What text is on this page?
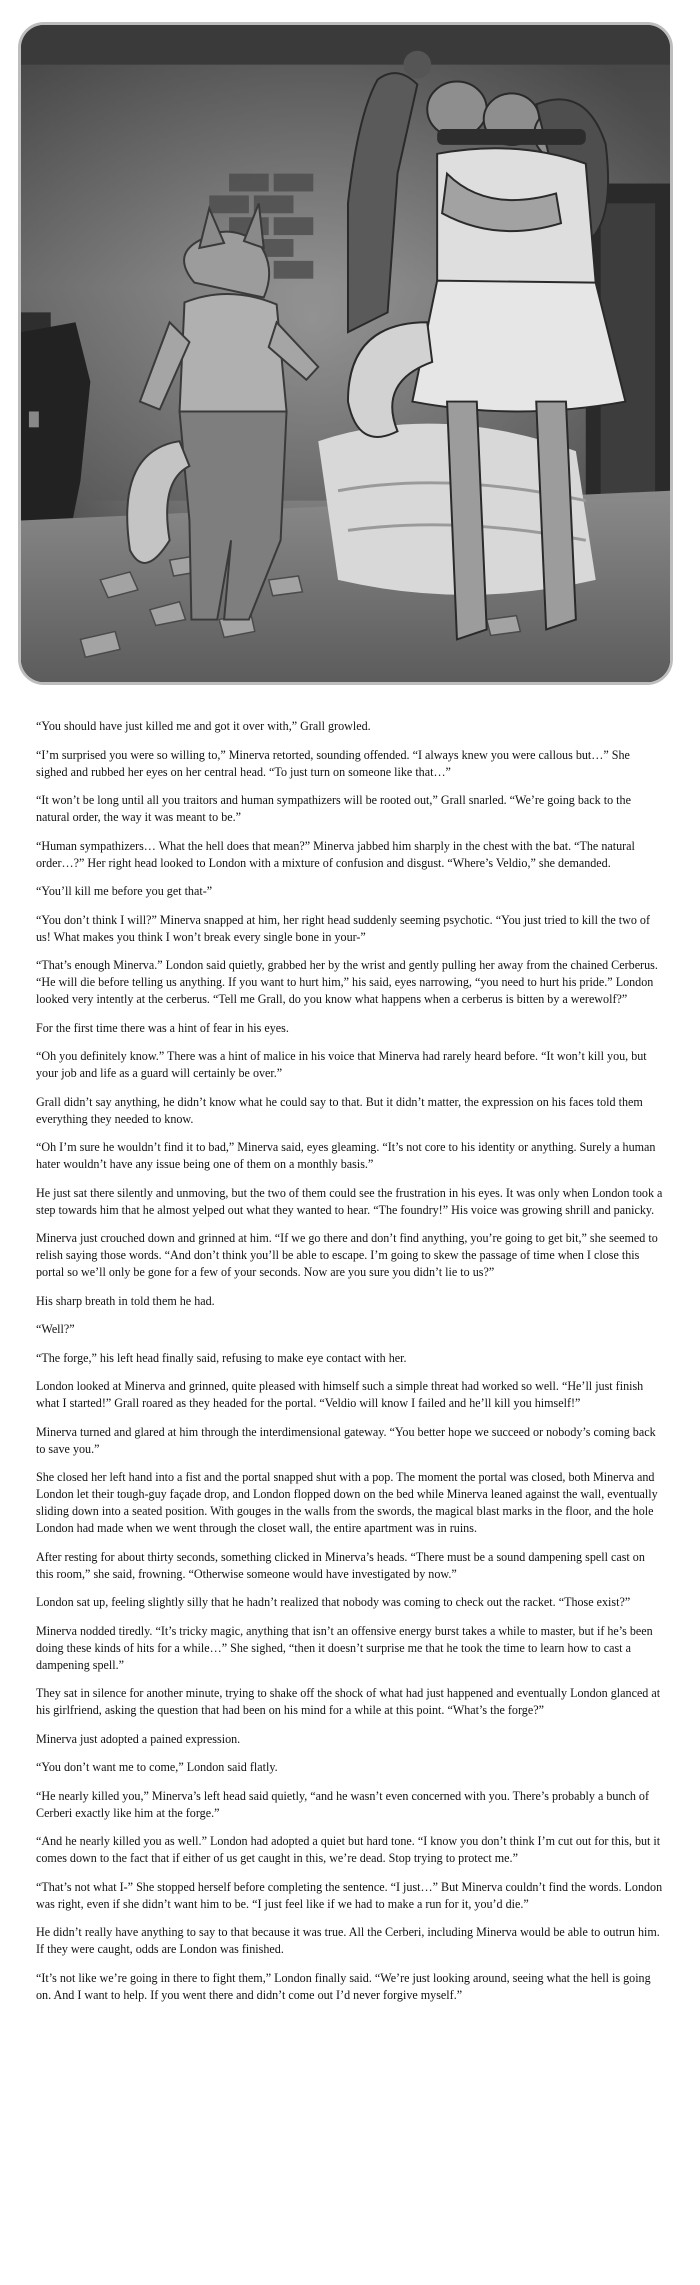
“You should have just killed me and got it over with,” Grall growled.

“I’m surprised you were so willing to,” Minerva retorted, sounding offended. “I always knew you were callous but…” She sighed and rubbed her eyes on her central head. “To just turn on someone like that…”

“It won’t be long until all you traitors and human sympathizers will be rooted out,” Grall snarled. “We’re going back to the natural order, the way it was meant to be.”

“Human sympathizers… What the hell does that mean?” Minerva jabbed him sharply in the chest with the bat. “The natural order…?” Her right head looked to London with a mixture of confusion and disgust. “Where’s Veldio,” she demanded.

“You’ll kill me before you get that-”

“You don’t think I will?” Minerva snapped at him, her right head suddenly seeming psychotic. “You just tried to kill the two of us! What makes you think I won’t break every single bone in your-”

“That’s enough Minerva.” London said quietly, grabbed her by the wrist and gently pulling her away from the chained Cerberus. “He will die before telling us anything. If you want to hurt him,” his said, eyes narrowing, “you need to hurt his pride.” London looked very intently at the cerberus. “Tell me Grall, do you know what happens when a cerberus is bitten by a werewolf?”

For the first time there was a hint of fear in his eyes.

“Oh you definitely know.” There was a hint of malice in his voice that Minerva had rarely heard before. “It won’t kill you, but your job and life as a guard will certainly be over.”

Grall didn’t say anything, he didn’t know what he could say to that. But it didn’t matter, the expression on his faces told them everything they needed to know.

“Oh I’m sure he wouldn’t find it to bad,” Minerva said, eyes gleaming. “It’s not core to his identity or anything. Surely a human hater wouldn’t have any issue being one of them on a monthly basis.”

He just sat there silently and unmoving, but the two of them could see the frustration in his eyes. It was only when London took a step towards him that he almost yelped out what they wanted to hear. “The foundry!” His voice was growing shrill and panicky.

Minerva just crouched down and grinned at him. “If we go there and don’t find anything, you’re going to get bit,” she seemed to relish saying those words. “And don’t think you’ll be able to escape. I’m going to skew the passage of time when I close this portal so we’ll only be gone for a few of your seconds. Now are you sure you didn’t lie to us?”

His sharp breath in told them he had.

“Well?”

“The forge,” his left head finally said, refusing to make eye contact with her.

London looked at Minerva and grinned, quite pleased with himself such a simple threat had worked so well. “He’ll just finish what I started!” Grall roared as they headed for the portal. “Veldio will know I failed and he’ll kill you himself!”

Minerva turned and glared at him through the interdimensional gateway. “You better hope we succeed or nobody’s coming back to save you.”

She closed her left hand into a fist and the portal snapped shut with a pop. The moment the portal was closed, both Minerva and London let their tough-guy façade drop, and London flopped down on the bed while Minerva leaned against the wall, eventually sliding down into a seated position. With gouges in the walls from the swords, the magical blast marks in the floor, and the hole London had made when we went through the closet wall, the entire apartment was in ruins.

After resting for about thirty seconds, something clicked in Minerva’s heads. “There must be a sound dampening spell cast on this room,” she said, frowning. “Otherwise someone would have investigated by now.”

London sat up, feeling slightly silly that he hadn’t realized that nobody was coming to check out the racket. “Those exist?”

Minerva nodded tiredly. “It’s tricky magic, anything that isn’t an offensive energy burst takes a while to master, but if he’s been doing these kinds of hits for a while…” She sighed, “then it doesn’t surprise me that he took the time to learn how to cast a dampening spell.”

They sat in silence for another minute, trying to shake off the shock of what had just happened and eventually London glanced at his girlfriend, asking the question that had been on his mind for a while at this point. “What’s the forge?”

Minerva just adopted a pained expression.

“You don’t want me to come,” London said flatly.

“He nearly killed you,” Minerva’s left head said quietly, “and he wasn’t even concerned with you. There’s probably a bunch of Cerberi exactly like him at the forge.”

“And he nearly killed you as well.” London had adopted a quiet but hard tone. “I know you don’t think I’m cut out for this, but it comes down to the fact that if either of us get caught in this, we’re dead. Stop trying to protect me.”

“That’s not what I-” She stopped herself before completing the sentence. “I just…” But Minerva couldn’t find the words. London was right, even if she didn’t want him to be. “I just feel like if we had to make a run for it, you’d die.”

He didn’t really have anything to say to that because it was true. All the Cerberi, including Minerva would be able to outrun him. If they were caught, odds are London was finished.

“It’s not like we’re going in there to fight them,” London finally said. “We’re just looking around, seeing what the hell is going on. And I want to help. If you went there and didn’t come out I’d never forgive myself.”
